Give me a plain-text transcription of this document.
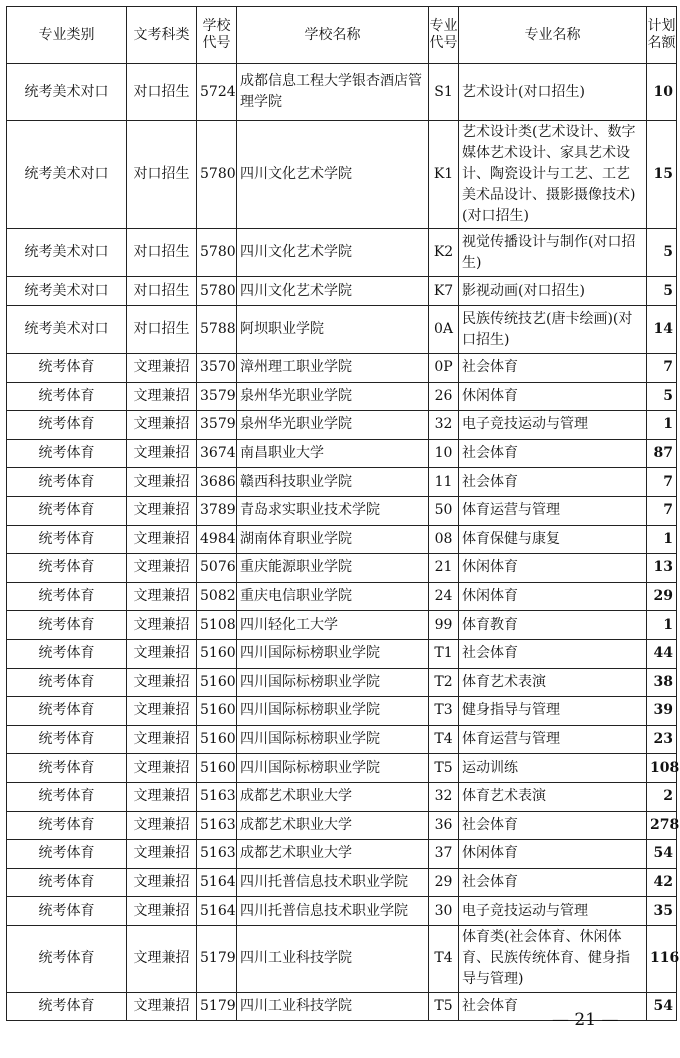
专业类别	文考科类	学校代号	学校名称	专业代号	专业名称	计划名额
统考美术对口	对口招生	5724	成都信息工程大学银杏酒店管理学院	S1	艺术设计(对口招生)	10
统考美术对口	对口招生	5780	四川文化艺术学院	K1	艺术设计类(艺术设计、数字媒体艺术设计、家具艺术设计、陶瓷设计与工艺、工艺美术品设计、摄影摄像技术)(对口招生)	15
统考美术对口	对口招生	5780	四川文化艺术学院	K2	视觉传播设计与制作(对口招生)	5
统考美术对口	对口招生	5780	四川文化艺术学院	K7	影视动画(对口招生)	5
统考美术对口	对口招生	5788	阿坝职业学院	0A	民族传统技艺(唐卡绘画)(对口招生)	14
统考体育	文理兼招	3570	漳州理工职业学院	0P	社会体育	7
统考体育	文理兼招	3579	泉州华光职业学院	26	休闲体育	5
统考体育	文理兼招	3579	泉州华光职业学院	32	电子竞技运动与管理	1
统考体育	文理兼招	3674	南昌职业大学	10	社会体育	87
统考体育	文理兼招	3686	赣西科技职业学院	11	社会体育	7
统考体育	文理兼招	3789	青岛求实职业技术学院	50	体育运营与管理	7
统考体育	文理兼招	4984	湖南体育职业学院	08	体育保健与康复	1
统考体育	文理兼招	5076	重庆能源职业学院	21	休闲体育	13
统考体育	文理兼招	5082	重庆电信职业学院	24	休闲体育	29
统考体育	文理兼招	5108	四川轻化工大学	99	体育教育	1
统考体育	文理兼招	5160	四川国际标榜职业学院	T1	社会体育	44
统考体育	文理兼招	5160	四川国际标榜职业学院	T2	体育艺术表演	38
统考体育	文理兼招	5160	四川国际标榜职业学院	T3	健身指导与管理	39
统考体育	文理兼招	5160	四川国际标榜职业学院	T4	体育运营与管理	23
统考体育	文理兼招	5160	四川国际标榜职业学院	T5	运动训练	108
统考体育	文理兼招	5163	成都艺术职业大学	32	体育艺术表演	2
统考体育	文理兼招	5163	成都艺术职业大学	36	社会体育	278
统考体育	文理兼招	5163	成都艺术职业大学	37	休闲体育	54
统考体育	文理兼招	5164	四川托普信息技术职业学院	29	社会体育	42
统考体育	文理兼招	5164	四川托普信息技术职业学院	30	电子竞技运动与管理	35
统考体育	文理兼招	5179	四川工业科技学院	T4	体育类(社会体育、休闲体育、民族传统体育、健身指导与管理)	116
统考体育	文理兼招	5179	四川工业科技学院	T5	社会体育	54
— 21 —
